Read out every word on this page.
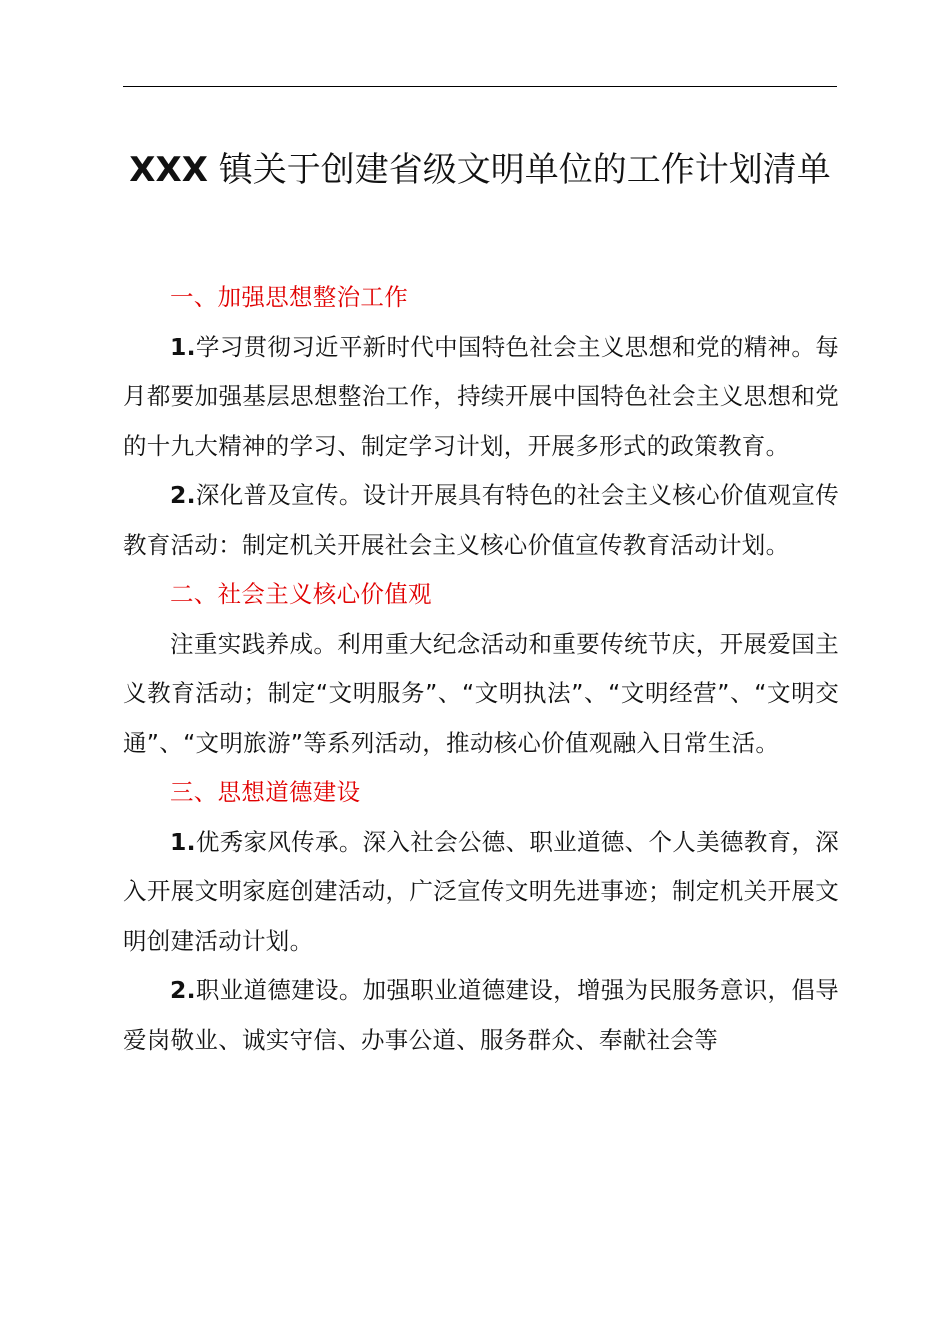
XXX 镇关于创建省级文明单位的工作计划清单

一、加强思想整治工作

1.学习贯彻习近平新时代中国特色社会主义思想和党的精神。每月都要加强基层思想整治工作，持续开展中国特色社会主义思想和党的十九大精神的学习、制定学习计划，开展多形式的政策教育。

2.深化普及宣传。设计开展具有特色的社会主义核心价值观宣传教育活动：制定机关开展社会主义核心价值宣传教育活动计划。

二、社会主义核心价值观

注重实践养成。利用重大纪念活动和重要传统节庆，开展爱国主义教育活动；制定“文明服务”、“文明执法”、“文明经营”、“文明交通”、“文明旅游”等系列活动，推动核心价值观融入日常生活。

三、思想道德建设

1.优秀家风传承。深入社会公德、职业道德、个人美德教育，深入开展文明家庭创建活动，广泛宣传文明先进事迹；制定机关开展文明创建活动计划。

2.职业道德建设。加强职业道德建设，增强为民服务意识，倡导爱岗敬业、诚实守信、办事公道、服务群众、奉献社会等
